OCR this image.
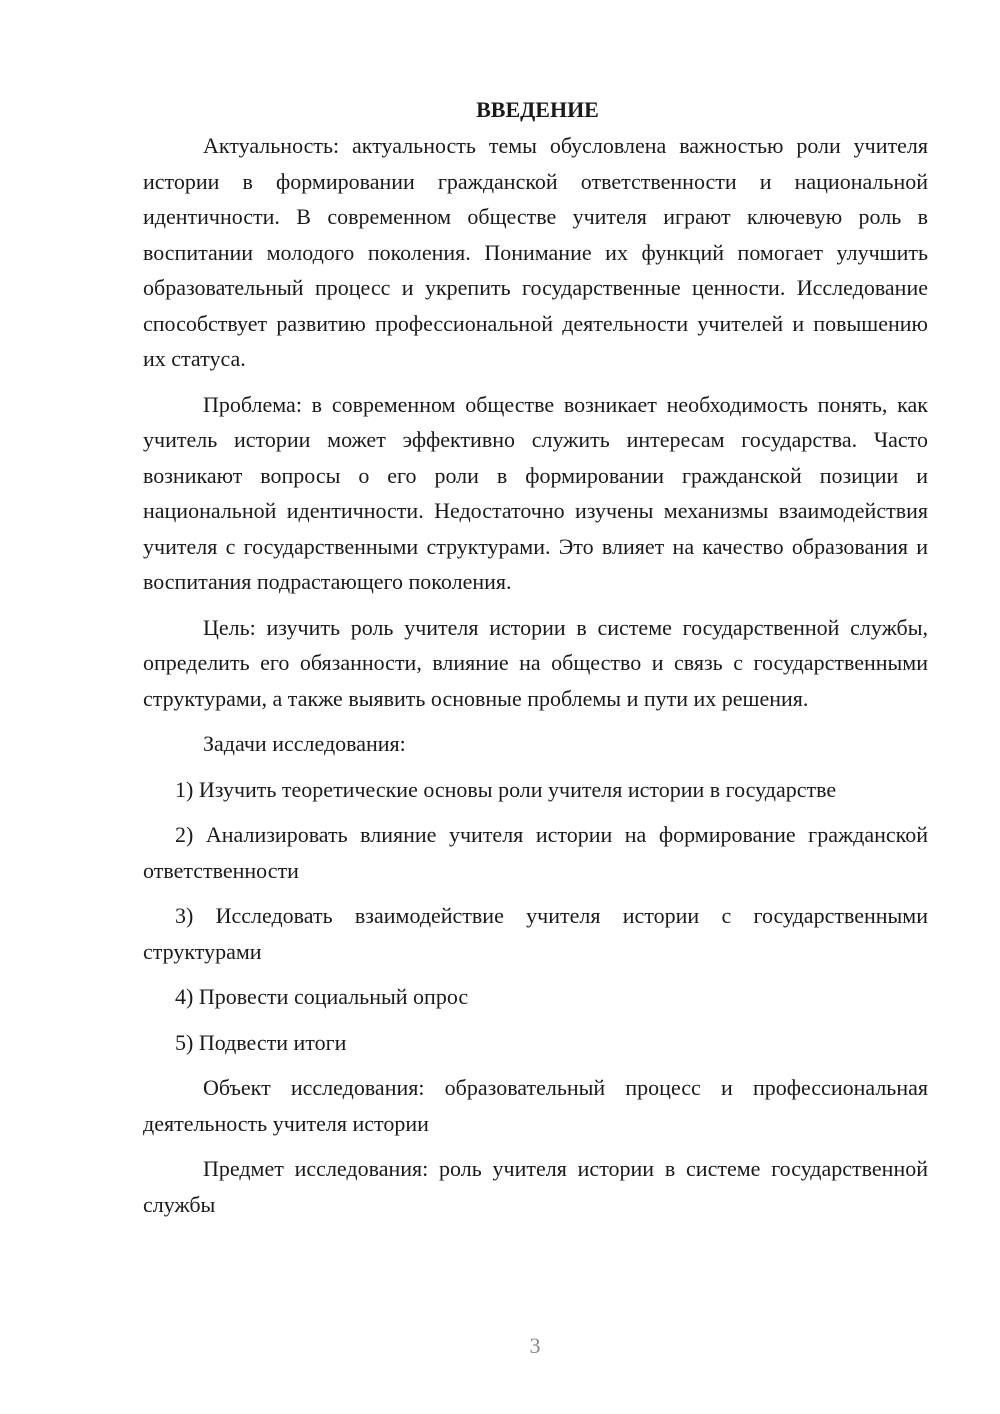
ВВЕДЕНИЕ

Актуальность: актуальность темы обусловлена важностью роли учителя истории в формировании гражданской ответственности и национальной идентичности. В современном обществе учителя играют ключевую роль в воспитании молодого поколения. Понимание их функций помогает улучшить образовательный процесс и укрепить государственные ценности. Исследование способствует развитию профессиональной деятельности учителей и повышению их статуса.

Проблема: в современном обществе возникает необходимость понять, как учитель истории может эффективно служить интересам государства. Часто возникают вопросы о его роли в формировании гражданской позиции и национальной идентичности. Недостаточно изучены механизмы взаимодействия учителя с государственными структурами. Это влияет на качество образования и воспитания подрастающего поколения.

Цель: изучить роль учителя истории в системе государственной службы, определить его обязанности, влияние на общество и связь с государственными структурами, а также выявить основные проблемы и пути их решения.

Задачи исследования:

1) Изучить теоретические основы роли учителя истории в государстве

2) Анализировать влияние учителя истории на формирование гражданской ответственности

3) Исследовать взаимодействие учителя истории с государственными структурами

4) Провести социальный опрос

5) Подвести итоги

Объект исследования: образовательный процесс и профессиональная деятельность учителя истории

Предмет исследования: роль учителя истории в системе государственной службы

3
